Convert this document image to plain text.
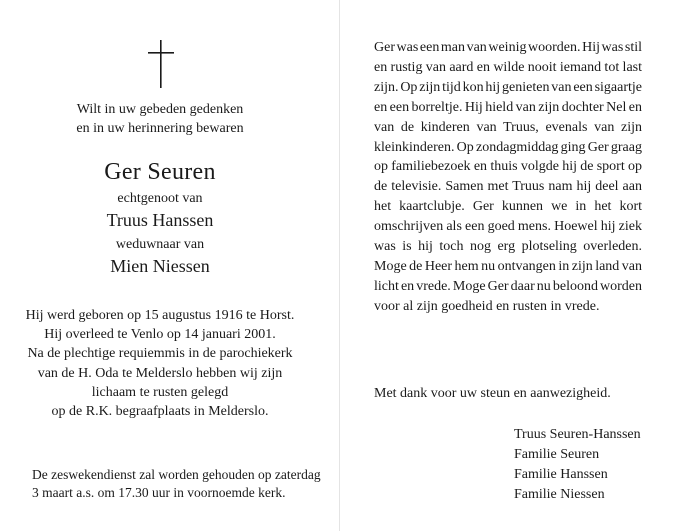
Wilt in uw gebeden gedenken
en in uw herinnering bewaren
Ger Seuren
echtgenoot van
Truus Hanssen
weduwnaar van
Mien Niessen
Hij werd geboren op 15 augustus 1916 te Horst.
Hij overleed te Venlo op 14 januari 2001.
Na de plechtige requiemmis in de parochiekerk
van de H. Oda te Melderslo hebben wij zijn
lichaam te rusten gelegd
op de R.K. begraafplaats in Melderslo.
De zeswekendienst zal worden gehouden op zaterdag
3 maart a.s. om 17.30 uur in voornoemde kerk.
Ger was een man van weinig woorden. Hij was stil
en rustig van aard en wilde nooit iemand tot last
zijn. Op zijn tijd kon hij genieten van een sigaartje
en een borreltje. Hij hield van zijn dochter Nel en
van de kinderen van Truus, evenals van zijn
kleinkinderen. Op zondagmiddag ging Ger graag
op familiebezoek en thuis volgde hij de sport op
de televisie. Samen met Truus nam hij deel aan
het kaartclubje. Ger kunnen we in het kort
omschrijven als een goed mens. Hoewel hij ziek
was is hij toch nog erg plotseling overleden.
Moge de Heer hem nu ontvangen in zijn land van
licht en vrede. Moge Ger daar nu beloond worden
voor al zijn goedheid en rusten in vrede.
Met dank voor uw steun en aanwezigheid.
Truus Seuren-Hanssen
Familie Seuren
Familie Hanssen
Familie Niessen
